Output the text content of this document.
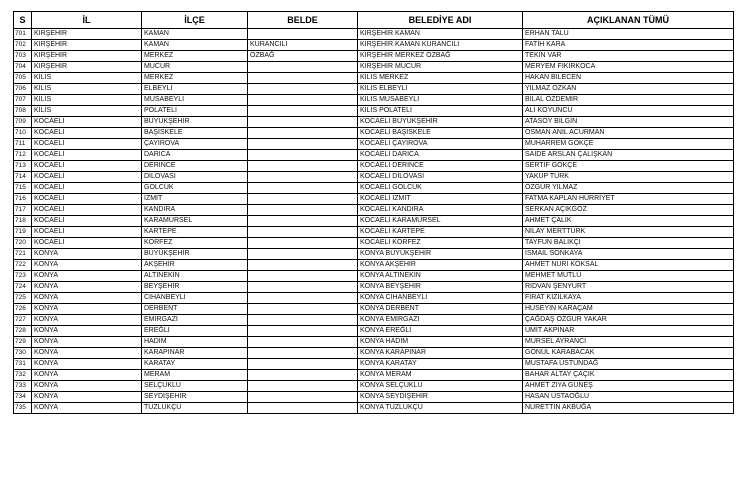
S	İL	İLÇE	BELDE	BELEDİYE ADI	AÇIKLANAN TÜMÜ
701	KIRŞEHİR	KAMAN		KIRŞEHİR KAMAN	ERHAN TALU
702	KIRŞEHİR	KAMAN	KURANCILI	KIRŞEHİR KAMAN KURANCILI	FATİH KARA
703	KIRŞEHİR	MERKEZ	ÖZBAĞ	KIRŞEHİR MERKEZ ÖZBAĞ	TEKİN VAR
704	KIRŞEHİR	MUCUR		KIRŞEHİR MUCUR	MERYEM FIKIRKOCA
705	KİLİS	MERKEZ		KİLİS MERKEZ	HAKAN BİLECEN
706	KİLİS	ELBEYLİ		KİLİS ELBEYLİ	YILMAZ ÖZKAN
707	KİLİS	MUSABEYLİ		KİLİS MUSABEYLİ	BİLAL ÖZDEMİR
708	KİLİS	POLATELİ		KİLİS POLATELİ	ALİ KOYUNCU
709	KOCAELİ	BÜYÜKŞEHİR		KOCAELİ BÜYÜKŞEHİR	ATASOY BİLGİN
710	KOCAELİ	BAŞİSKELE		KOCAELİ BAŞİSKELE	OSMAN ANIL ACURMAN
711	KOCAELİ	ÇAYIROVA		KOCAELİ ÇAYIROVA	MUHARREM GÖKÇE
712	KOCAELİ	DARICA		KOCAELİ DARICA	SAİDE ARSLAN ÇALIŞKAN
713	KOCAELİ	DERİNCE		KOCAELİ DERİNCE	SERTİF GÖKÇE
714	KOCAELİ	DİLOVASI		KOCAELİ DİLOVASI	YAKUP TÜRK
715	KOCAELİ	GÖLCÜK		KOCAELİ GÖLCÜK	ÖZGÜR YILMAZ
716	KOCAELİ	İZMİT		KOCAELİ İZMİT	FATMA KAPLAN HÜRRİYET
717	KOCAELİ	KANDIRA		KOCAELİ KANDIRA	SERKAN AÇIKGÖZ
718	KOCAELİ	KARAMÜRSEL		KOCAELİ KARAMÜRSEL	AHMET ÇALIK
719	KOCAELİ	KARTEPE		KOCAELİ KARTEPE	NİLAY MERTTÜRK
720	KOCAELİ	KÖRFEZ		KOCAELİ KÖRFEZ	TAYFUN BALIKÇI
721	KONYA	BÜYÜKŞEHİR		KONYA BÜYÜKŞEHİR	İSMAİL SONKAYA
722	KONYA	AKŞEHİR		KONYA AKŞEHİR	AHMET NURİ KÖKSAL
723	KONYA	ALTINEKİN		KONYA ALTINEKİN	MEHMET MUTLU
724	KONYA	BEYŞEHİR		KONYA BEYŞEHİR	RIDVAN ŞENYURT
725	KONYA	CİHANBEYLİ		KONYA CİHANBEYLİ	FIRAT KIZILKAYA
726	KONYA	DERBENT		KONYA DERBENT	HÜSEYİN KARAÇAM
727	KONYA	EMİRGAZİ		KONYA EMİRGAZİ	ÇAĞDAŞ ÖZGÜR YAKAR
728	KONYA	EREĞLİ		KONYA EREĞLİ	ÜMİT AKPINAR
729	KONYA	HADİM		KONYA HADİM	MURSEL AYRANCI
730	KONYA	KARAPINAR		KONYA KARAPINAR	GÖNÜL KARABACAK
731	KONYA	KARATAY		KONYA KARATAY	MUSTAFA ÜSTÜNDAĞ
732	KONYA	MERAM		KONYA MERAM	BAHAR ALTAY ÇAÇIK
733	KONYA	SELÇUKLU		KONYA SELÇUKLU	AHMET ZİYA GÜNEŞ
734	KONYA	SEYDİŞEHİR		KONYA SEYDİŞEHİR	HASAN USTAOĞLU
735	KONYA	TUZLUKÇU		KONYA TUZLUKÇU	NURETTİN AKBUĞA
